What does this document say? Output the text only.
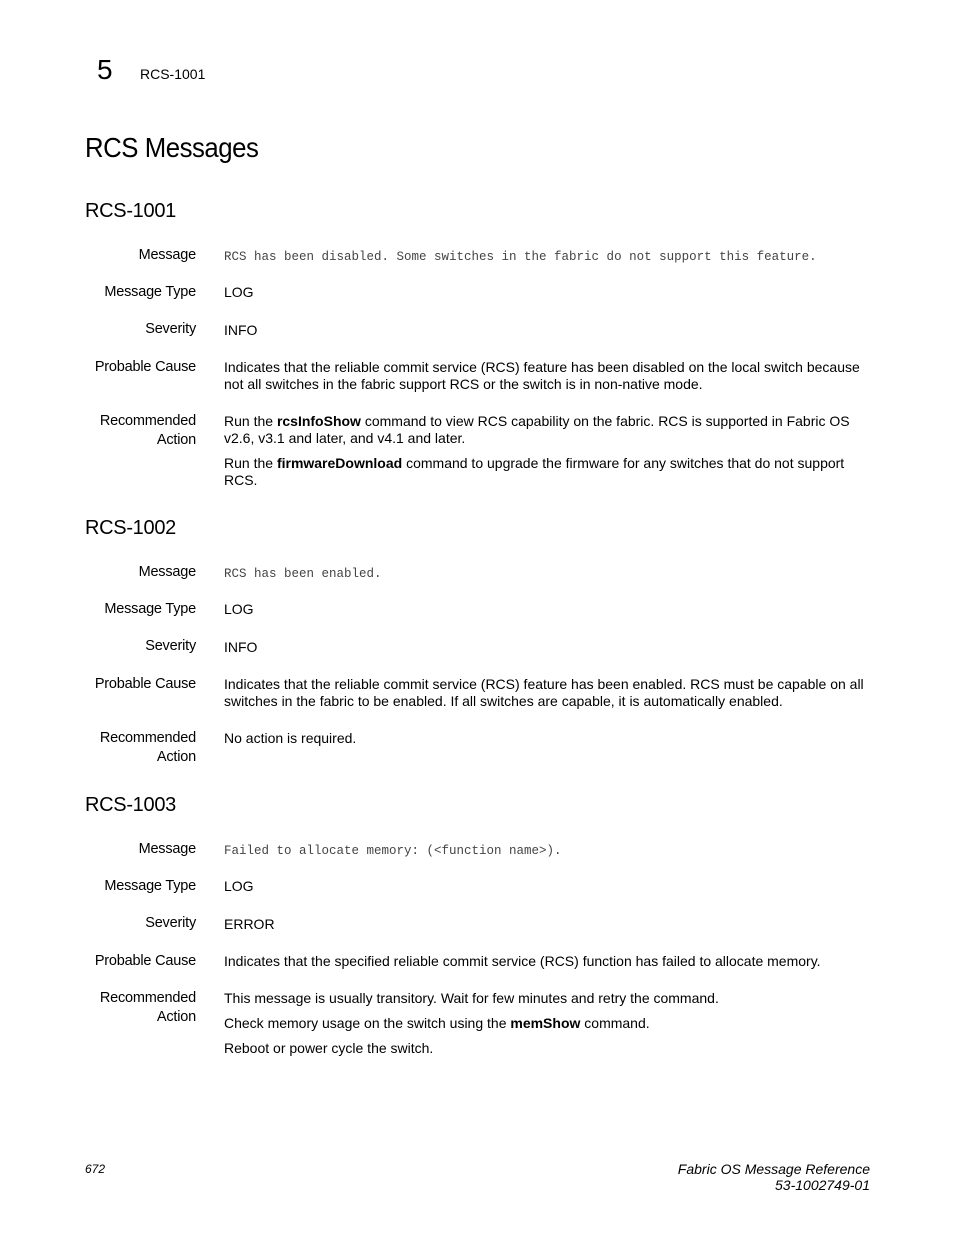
5 RCS-1001
RCS Messages
RCS-1001
Message RCS has been disabled. Some switches in the fabric do not support this feature.
Message Type LOG
Severity INFO
Probable Cause Indicates that the reliable commit service (RCS) feature has been disabled on the local switch because not all switches in the fabric support RCS or the switch is in non-native mode.
Recommended
Action
Run the rcsInfoShow command to view RCS capability on the fabric. RCS is supported in Fabric OS v2.6, v3.1 and later, and v4.1 and later.
Run the firmwareDownload command to upgrade the firmware for any switches that do not support RCS.
RCS-1002
Message RCS has been enabled.
Message Type LOG
Severity INFO
Probable Cause Indicates that the reliable commit service (RCS) feature has been enabled. RCS must be capable on all switches in the fabric to be enabled. If all switches are capable, it is automatically enabled.
Recommended
Action
No action is required.
RCS-1003
Message Failed to allocate memory: (<function name>).
Message Type LOG
Severity ERROR
Probable Cause Indicates that the specified reliable commit service (RCS) function has failed to allocate memory.
Recommended
Action
This message is usually transitory. Wait for few minutes and retry the command.
Check memory usage on the switch using the memShow command.
Reboot or power cycle the switch.
672	Fabric OS Message Reference
53-1002749-01
